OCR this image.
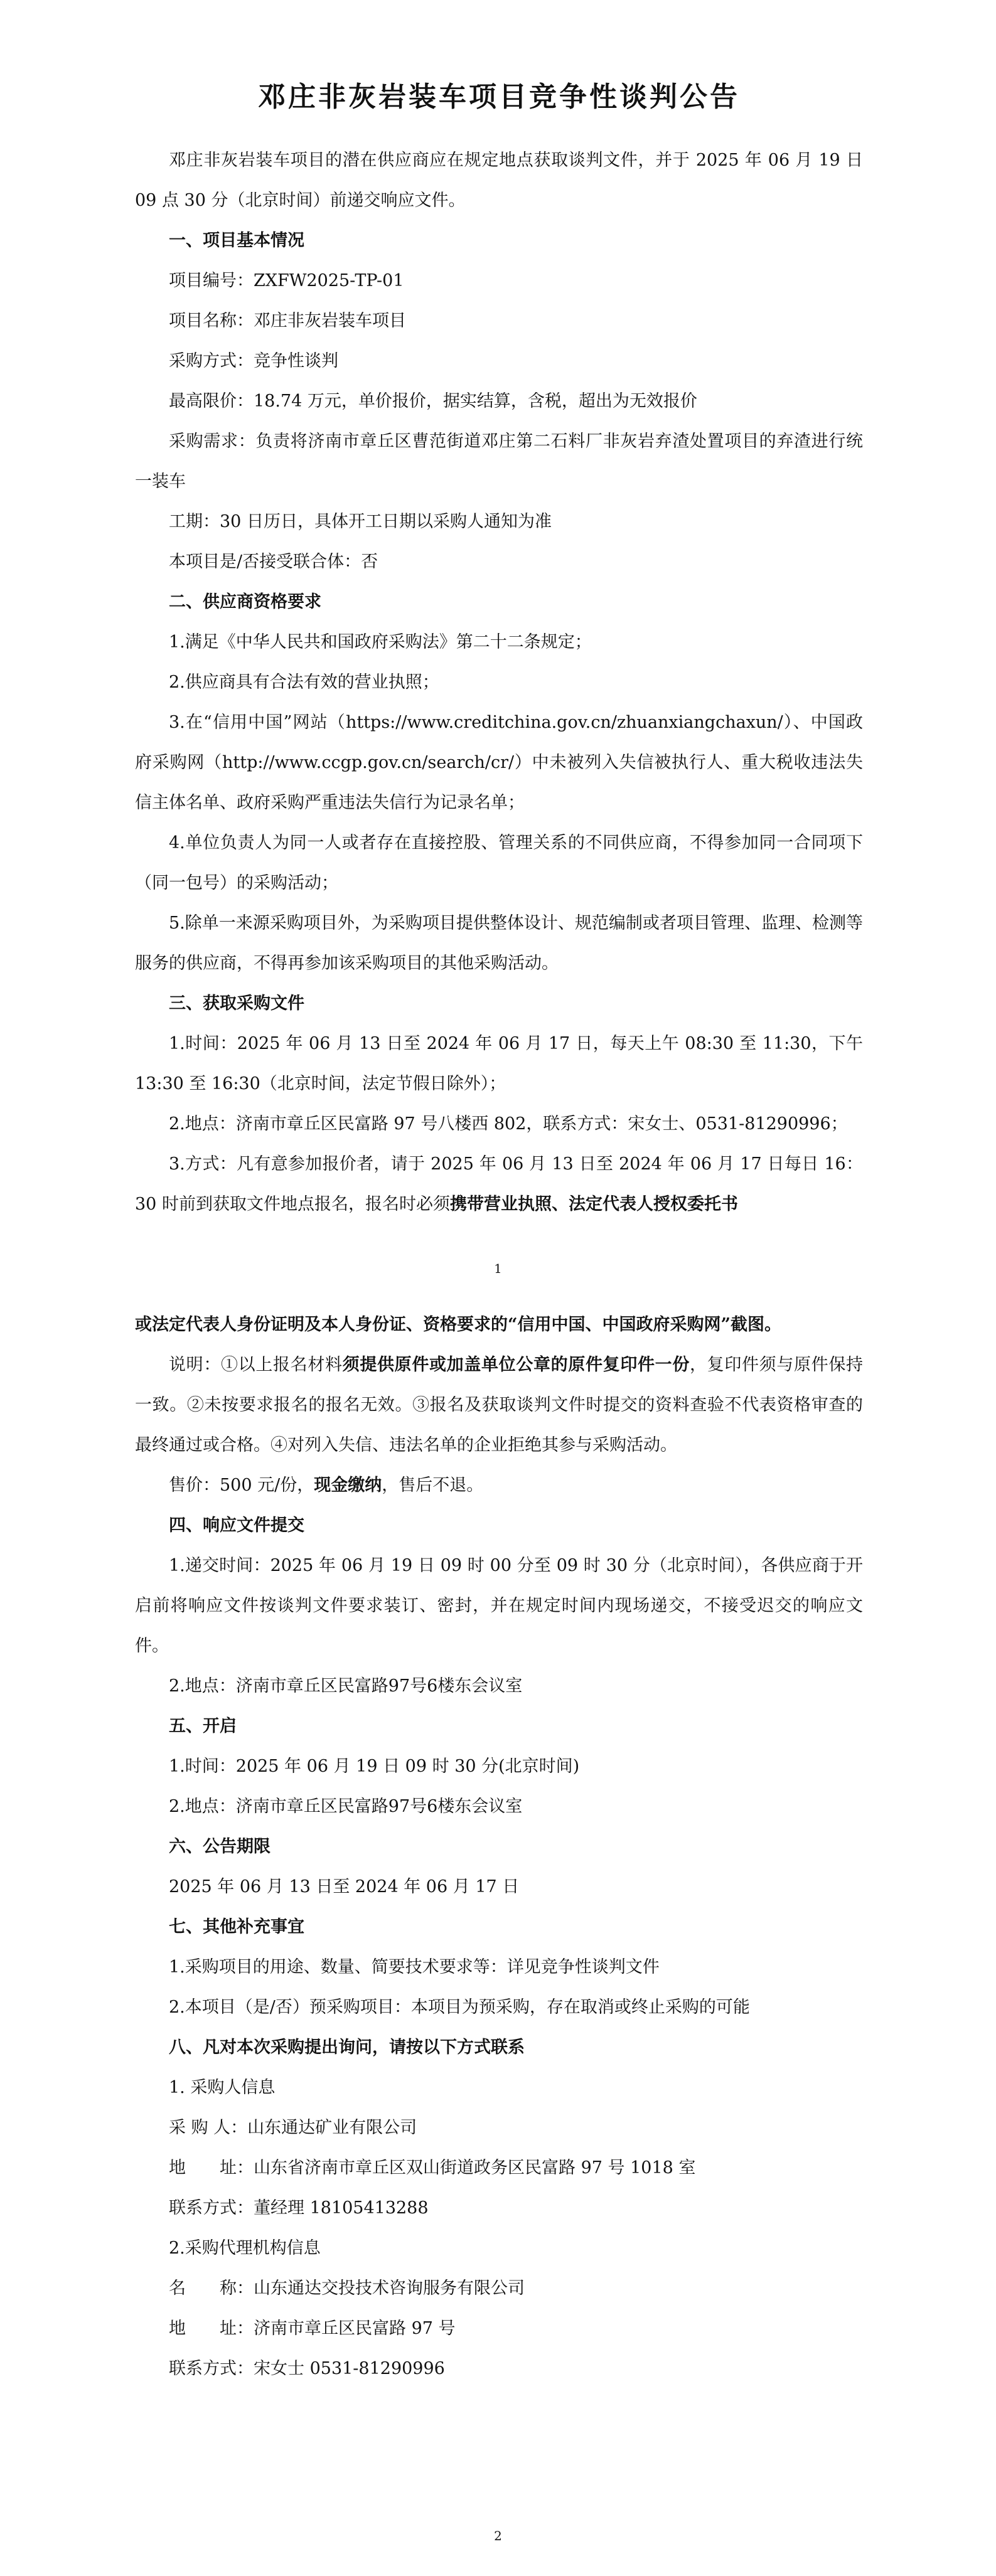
邓庄非灰岩装车项目竞争性谈判公告

邓庄非灰岩装车项目的潜在供应商应在规定地点获取谈判文件，并于 2025 年 06 月 19 日 09 点 30 分（北京时间）前递交响应文件。

一、项目基本情况

项目编号：ZXFW2025-TP-01

项目名称：邓庄非灰岩装车项目

采购方式：竞争性谈判

最高限价：18.74 万元，单价报价，据实结算，含税，超出为无效报价

采购需求：负责将济南市章丘区曹范街道邓庄第二石料厂非灰岩弃渣处置项目的弃渣进行统一装车

工期：30 日历日，具体开工日期以采购人通知为准

本项目是/否接受联合体：否

二、供应商资格要求

1.满足《中华人民共和国政府采购法》第二十二条规定；

2.供应商具有合法有效的营业执照；

3.在“信用中国”网站（https://www.creditchina.gov.cn/zhuanxiangchaxun/）、中国政府采购网（http://www.ccgp.gov.cn/search/cr/）中未被列入失信被执行人、重大税收违法失信主体名单、政府采购严重违法失信行为记录名单；

4.单位负责人为同一人或者存在直接控股、管理关系的不同供应商，不得参加同一合同项下（同一包号）的采购活动；

5.除单一来源采购项目外，为采购项目提供整体设计、规范编制或者项目管理、监理、检测等服务的供应商，不得再参加该采购项目的其他采购活动。

三、获取采购文件

1.时间：2025 年 06 月 13 日至 2024 年 06 月 17 日，每天上午 08:30 至 11:30，下午 13:30 至 16:30（北京时间，法定节假日除外）；

2.地点：济南市章丘区民富路 97 号八楼西 802，联系方式：宋女士、0531-81290996；

3.方式：凡有意参加报价者，请于 2025 年 06 月 13 日至 2024 年 06 月 17 日每日 16：30 时前到获取文件地点报名，报名时必须携带营业执照、法定代表人授权委托书

1

或法定代表人身份证明及本人身份证、资格要求的“信用中国、中国政府采购网”截图。

说明：①以上报名材料须提供原件或加盖单位公章的原件复印件一份，复印件须与原件保持一致。②未按要求报名的报名无效。③报名及获取谈判文件时提交的资料查验不代表资格审查的最终通过或合格。④对列入失信、违法名单的企业拒绝其参与采购活动。

售价：500 元/份，现金缴纳，售后不退。

四、响应文件提交

1.递交时间：2025 年 06 月 19 日 09 时 00 分至 09 时 30 分（北京时间），各供应商于开启前将响应文件按谈判文件要求装订、密封，并在规定时间内现场递交，不接受迟交的响应文件。

2.地点：济南市章丘区民富路97号6楼东会议室

五、开启

1.时间：2025 年 06 月 19 日 09 时 30 分(北京时间)

2.地点：济南市章丘区民富路97号6楼东会议室

六、公告期限

2025 年 06 月 13 日至 2024 年 06 月 17 日

七、其他补充事宜

1.采购项目的用途、数量、简要技术要求等：详见竞争性谈判文件

2.本项目（是/否）预采购项目：本项目为预采购，存在取消或终止采购的可能

八、凡对本次采购提出询问，请按以下方式联系

1. 采购人信息

采 购 人：山东通达矿业有限公司

地　　址：山东省济南市章丘区双山街道政务区民富路 97 号 1018 室

联系方式：董经理 18105413288

2.采购代理机构信息

名　　称：山东通达交投技术咨询服务有限公司

地　　址：济南市章丘区民富路 97 号

联系方式：宋女士 0531-81290996

2
